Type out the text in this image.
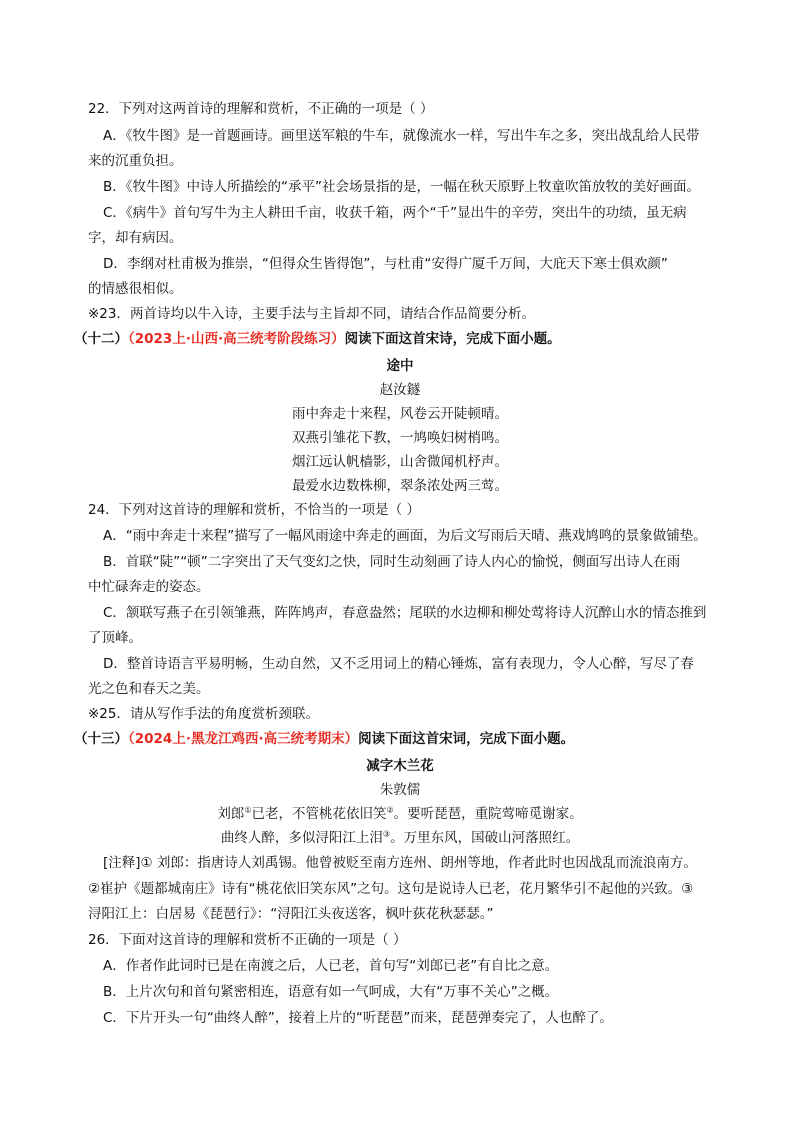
22．下列对这两首诗的理解和赏析，不正确的一项是（ ）
A．《牧牛图》是一首题画诗。画里送军粮的牛车，就像流水一样，写出牛车之多，突出战乱给人民带
来的沉重负担。
B．《牧牛图》中诗人所描绘的“承平”社会场景指的是，一幅在秋天原野上牧童吹笛放牧的美好画面。
C．《病牛》首句写牛为主人耕田千亩，收获千箱，两个“千”显出牛的辛劳，突出牛的功绩，虽无病
字，却有病因。
D．李纲对杜甫极为推崇，“但得众生皆得饱”，与杜甫“安得广厦千万间，大庇天下寒士俱欢颜”
的情感很相似。
※23．两首诗均以牛入诗，主要手法与主旨却不同，请结合作品简要分析。
（十二）（2023上·山西·高三统考阶段练习）阅读下面这首宋诗，完成下面小题。
途中
赵汝鐩
雨中奔走十来程，风卷云开陡顿晴。
双燕引雏花下教，一鸠唤妇树梢鸣。
烟江远认帆樯影，山舍微闻机杼声。
最爱水边数株柳，翠条浓处两三莺。
24．下列对这首诗的理解和赏析，不恰当的一项是（ ）
A．“雨中奔走十来程”描写了一幅风雨途中奔走的画面，为后文写雨后天晴、燕戏鸠鸣的景象做铺垫。
B．首联“陡”“顿”二字突出了天气变幻之快，同时生动刻画了诗人内心的愉悦，侧面写出诗人在雨
中忙碌奔走的姿态。
C．颔联写燕子在引领雏燕，阵阵鸠声，春意盎然；尾联的水边柳和柳处莺将诗人沉醉山水的情态推到
了顶峰。
D．整首诗语言平易明畅，生动自然，又不乏用词上的精心锤炼，富有表现力，令人心醉，写尽了春
光之色和春天之美。
※25．请从写作手法的角度赏析颈联。
（十三）（2024上·黑龙江鸡西·高三统考期末）阅读下面这首宋词，完成下面小题。
减字木兰花
朱敦儒
刘郎①已老，不管桃花依旧笑②。要听琵琶，重院莺啼觅谢家。
曲终人醉，多似浔阳江上泪③。万里东风，国破山河落照红。
[注释]① 刘郎：指唐诗人刘禹锡。他曾被贬至南方连州、朗州等地，作者此时也因战乱而流浪南方。
②崔护《题都城南庄》诗有“桃花依旧笑东风”之句。这句是说诗人已老，花月繁华引不起他的兴致。③
浔阳江上：白居易《琵琶行》：“浔阳江头夜送客，枫叶荻花秋瑟瑟。”
26．下面对这首诗的理解和赏析不正确的一项是（ ）
A．作者作此词时已是在南渡之后，人已老，首句写“刘郎已老”有自比之意。
B．上片次句和首句紧密相连，语意有如一气呵成，大有“万事不关心”之概。
C．下片开头一句“曲终人醉”，接着上片的“听琵琶”而来，琵琶弹奏完了，人也醉了。
